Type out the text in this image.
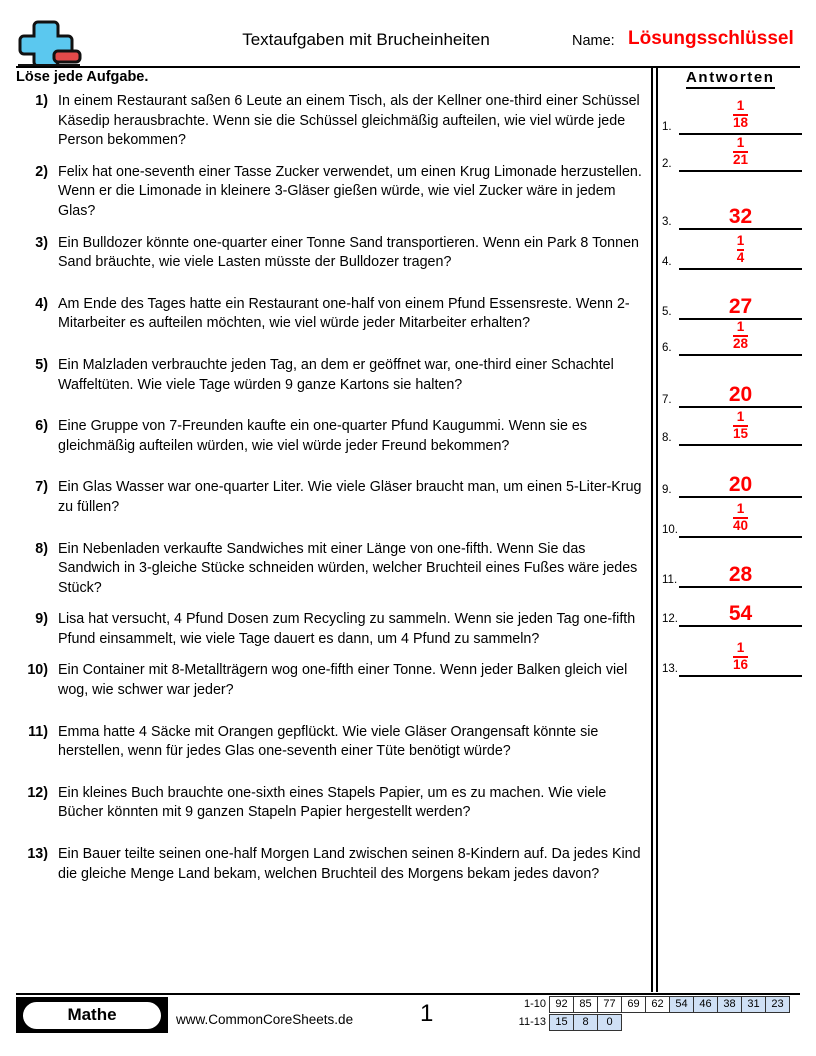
Textaufgaben mit Brucheinheiten	Name: Lösungsschlüssel
Löse jede Aufgabe.	Antworten
1) In einem Restaurant saßen 6 Leute an einem Tisch, als der Kellner one-third einer Schüssel Käsedip herausbrachte. Wenn sie die Schüssel gleichmäßig aufteilen, wie viel würde jede Person bekommen?
2) Felix hat one-seventh einer Tasse Zucker verwendet, um einen Krug Limonade herzustellen. Wenn er die Limonade in kleinere 3-Gläser gießen würde, wie viel Zucker wäre in jedem Glas?
3) Ein Bulldozer könnte one-quarter einer Tonne Sand transportieren. Wenn ein Park 8 Tonnen Sand bräuchte, wie viele Lasten müsste der Bulldozer tragen?
4) Am Ende des Tages hatte ein Restaurant one-half von einem Pfund Essensreste. Wenn 2-Mitarbeiter es aufteilen möchten, wie viel würde jeder Mitarbeiter erhalten?
5) Ein Malzladen verbrauchte jeden Tag, an dem er geöffnet war, one-third einer Schachtel Waffeltüten. Wie viele Tage würden 9 ganze Kartons sie halten?
6) Eine Gruppe von 7-Freunden kaufte ein one-quarter Pfund Kaugummi. Wenn sie es gleichmäßig aufteilen würden, wie viel würde jeder Freund bekommen?
7) Ein Glas Wasser war one-quarter Liter. Wie viele Gläser braucht man, um einen 5-Liter-Krug zu füllen?
8) Ein Nebenladen verkaufte Sandwiches mit einer Länge von one-fifth. Wenn Sie das Sandwich in 3-gleiche Stücke schneiden würden, welcher Bruchteil eines Fußes wäre jedes Stück?
9) Lisa hat versucht, 4 Pfund Dosen zum Recycling zu sammeln. Wenn sie jeden Tag one-fifth Pfund einsammelt, wie viele Tage dauert es dann, um 4 Pfund zu sammeln?
10) Ein Container mit 8-Metallträgern wog one-fifth einer Tonne. Wenn jeder Balken gleich viel wog, wie schwer war jeder?
11) Emma hatte 4 Säcke mit Orangen gepflückt. Wie viele Gläser Orangensaft könnte sie herstellen, wenn für jedes Glas one-seventh einer Tüte benötigt würde?
12) Ein kleines Buch brauchte one-sixth eines Stapels Papier, um es zu machen. Wie viele Bücher könnten mit 9 ganzen Stapeln Papier hergestellt werden?
13) Ein Bauer teilte seinen one-half Morgen Land zwischen seinen 8-Kindern auf. Da jedes Kind die gleiche Menge Land bekam, welchen Bruchteil des Morgens bekam jedes davon?
1.	$\frac{1}{18}$
2.	$\frac{1}{21}$
3.	32
4.	$\frac{1}{4}$
5.	27
6.	$\frac{1}{28}$
7.	20
8.	$\frac{1}{15}$
9.	20
10.	$\frac{1}{40}$
11.	28
12.	54
13.	$\frac{1}{16}$
Mathe	www.CommonCoreSheets.de	1	1-10 92	85	77	69	62	54	46	38	31	23
11-13 15	8	0
